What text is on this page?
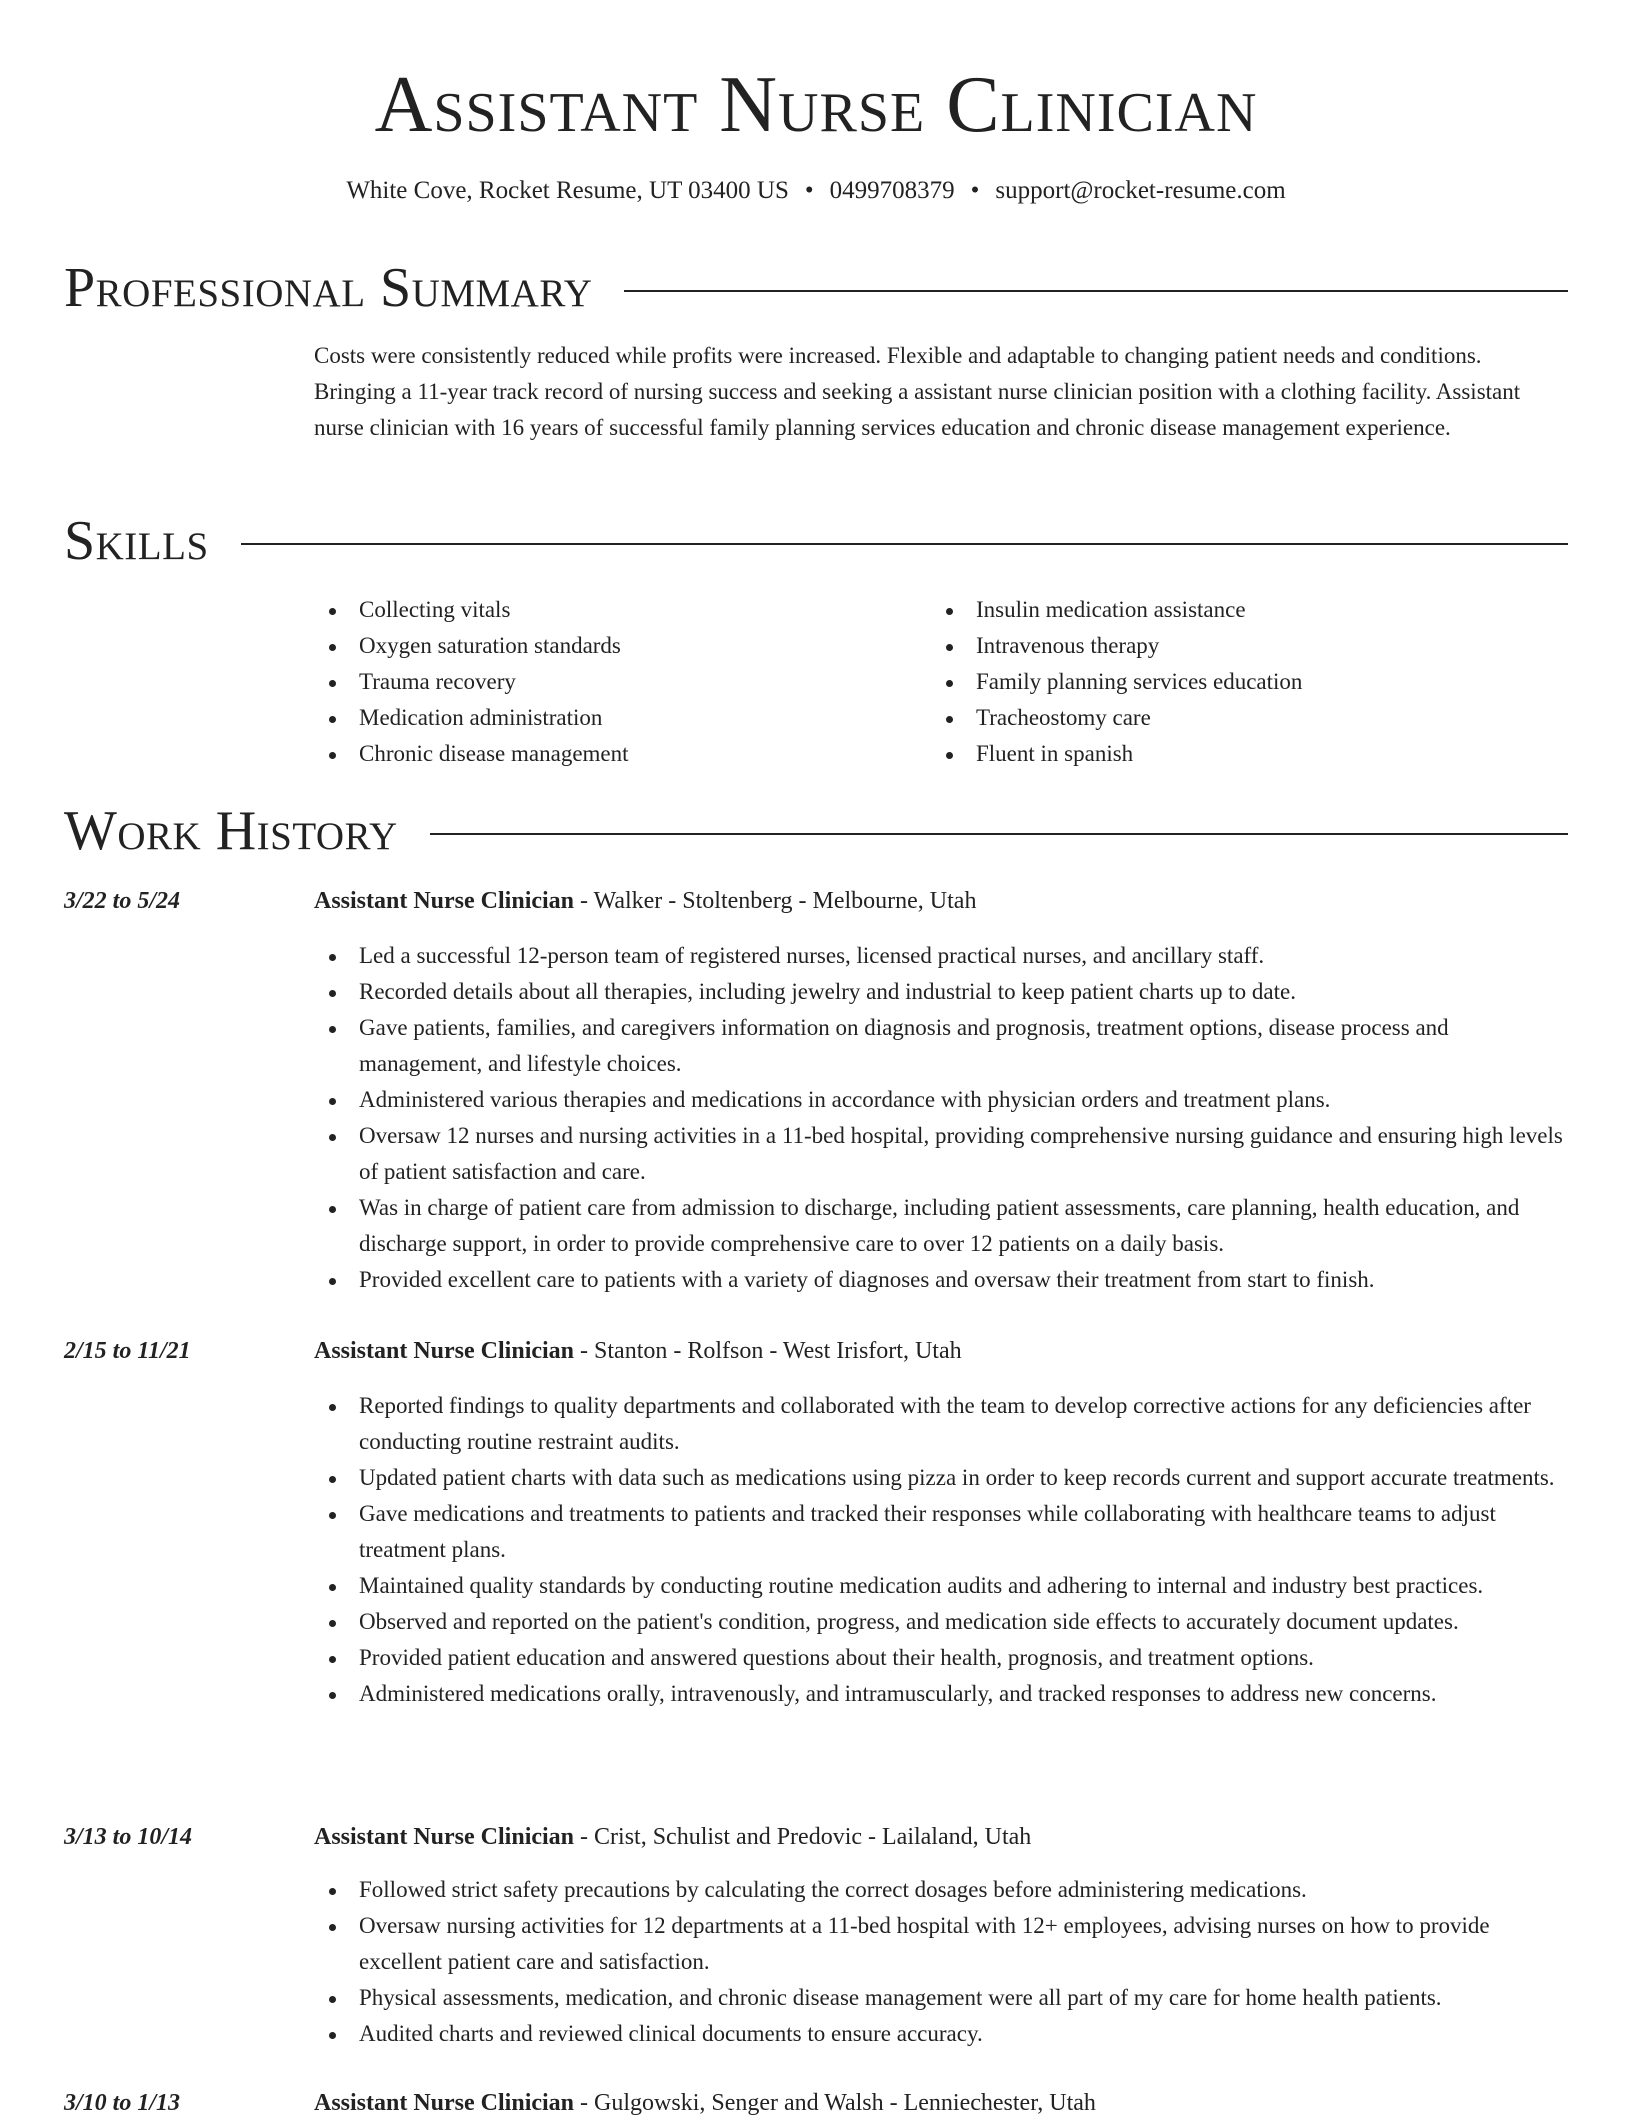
Assistant Nurse Clinician
White Cove, Rocket Resume, UT 03400 US • 0499708379 • support@rocket-resume.com
Professional Summary
Costs were consistently reduced while profits were increased. Flexible and adaptable to changing patient needs and conditions. Bringing a 11-year track record of nursing success and seeking a assistant nurse clinician position with a clothing facility. Assistant nurse clinician with 16 years of successful family planning services education and chronic disease management experience.
Skills
Collecting vitals
Oxygen saturation standards
Trauma recovery
Medication administration
Chronic disease management
Insulin medication assistance
Intravenous therapy
Family planning services education
Tracheostomy care
Fluent in spanish
Work History
3/22 to 5/24	Assistant Nurse Clinician - Walker - Stoltenberg - Melbourne, Utah
Led a successful 12-person team of registered nurses, licensed practical nurses, and ancillary staff.
Recorded details about all therapies, including jewelry and industrial to keep patient charts up to date.
Gave patients, families, and caregivers information on diagnosis and prognosis, treatment options, disease process and management, and lifestyle choices.
Administered various therapies and medications in accordance with physician orders and treatment plans.
Oversaw 12 nurses and nursing activities in a 11-bed hospital, providing comprehensive nursing guidance and ensuring high levels of patient satisfaction and care.
Was in charge of patient care from admission to discharge, including patient assessments, care planning, health education, and discharge support, in order to provide comprehensive care to over 12 patients on a daily basis.
Provided excellent care to patients with a variety of diagnoses and oversaw their treatment from start to finish.
2/15 to 11/21	Assistant Nurse Clinician - Stanton - Rolfson - West Irisfort, Utah
Reported findings to quality departments and collaborated with the team to develop corrective actions for any deficiencies after conducting routine restraint audits.
Updated patient charts with data such as medications using pizza in order to keep records current and support accurate treatments.
Gave medications and treatments to patients and tracked their responses while collaborating with healthcare teams to adjust treatment plans.
Maintained quality standards by conducting routine medication audits and adhering to internal and industry best practices.
Observed and reported on the patient's condition, progress, and medication side effects to accurately document updates.
Provided patient education and answered questions about their health, prognosis, and treatment options.
Administered medications orally, intravenously, and intramuscularly, and tracked responses to address new concerns.
3/13 to 10/14	Assistant Nurse Clinician - Crist, Schulist and Predovic - Lailaland, Utah
Followed strict safety precautions by calculating the correct dosages before administering medications.
Oversaw nursing activities for 12 departments at a 11-bed hospital with 12+ employees, advising nurses on how to provide excellent patient care and satisfaction.
Physical assessments, medication, and chronic disease management were all part of my care for home health patients.
Audited charts and reviewed clinical documents to ensure accuracy.
3/10 to 1/13	Assistant Nurse Clinician - Gulgowski, Senger and Walsh - Lenniechester, Utah
